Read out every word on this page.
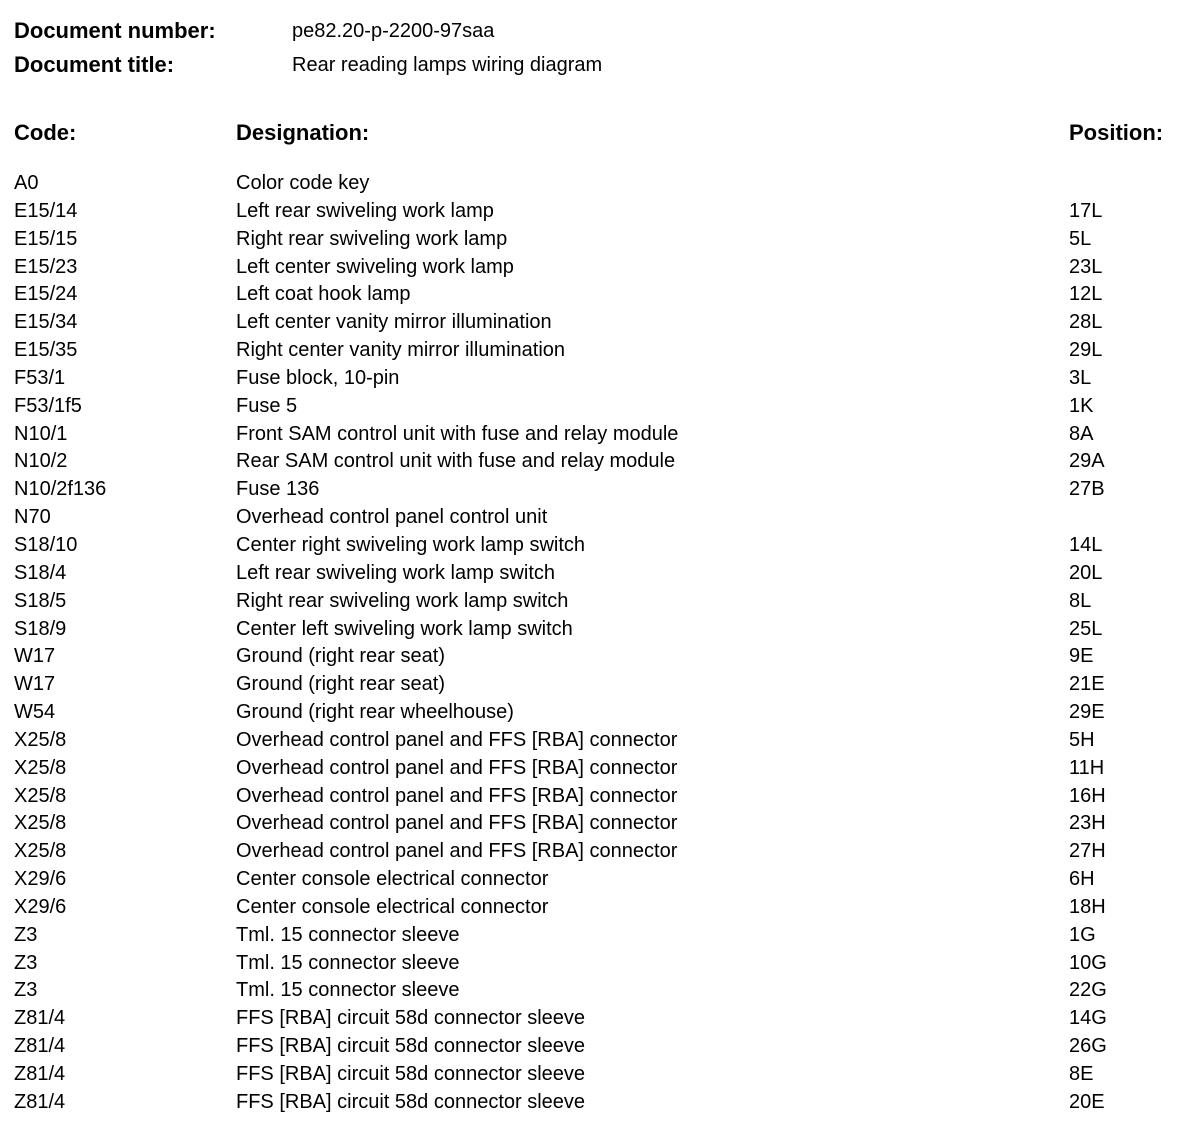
Document number:	pe82.20-p-2200-97saa
Document title:	Rear reading lamps wiring diagram
Code:	Designation:	Position:
A0	Color code key
E15/14	Left rear swiveling work lamp	17L
E15/15	Right rear swiveling work lamp	5L
E15/23	Left center swiveling work lamp	23L
E15/24	Left coat hook lamp	12L
E15/34	Left center vanity mirror illumination	28L
E15/35	Right center vanity mirror illumination	29L
F53/1	Fuse block, 10-pin	3L
F53/1f5	Fuse 5	1K
N10/1	Front SAM control unit with fuse and relay module	8A
N10/2	Rear SAM control unit with fuse and relay module	29A
N10/2f136	Fuse 136	27B
N70	Overhead control panel control unit
S18/10	Center right swiveling work lamp switch	14L
S18/4	Left rear swiveling work lamp switch	20L
S18/5	Right rear swiveling work lamp switch	8L
S18/9	Center left swiveling work lamp switch	25L
W17	Ground (right rear seat)	9E
W17	Ground (right rear seat)	21E
W54	Ground (right rear wheelhouse)	29E
X25/8	Overhead control panel and FFS [RBA] connector	5H
X25/8	Overhead control panel and FFS [RBA] connector	11H
X25/8	Overhead control panel and FFS [RBA] connector	16H
X25/8	Overhead control panel and FFS [RBA] connector	23H
X25/8	Overhead control panel and FFS [RBA] connector	27H
X29/6	Center console electrical connector	6H
X29/6	Center console electrical connector	18H
Z3	Tml. 15 connector sleeve	1G
Z3	Tml. 15 connector sleeve	10G
Z3	Tml. 15 connector sleeve	22G
Z81/4	FFS [RBA] circuit 58d connector sleeve	14G
Z81/4	FFS [RBA] circuit 58d connector sleeve	26G
Z81/4	FFS [RBA] circuit 58d connector sleeve	8E
Z81/4	FFS [RBA] circuit 58d connector sleeve	20E
